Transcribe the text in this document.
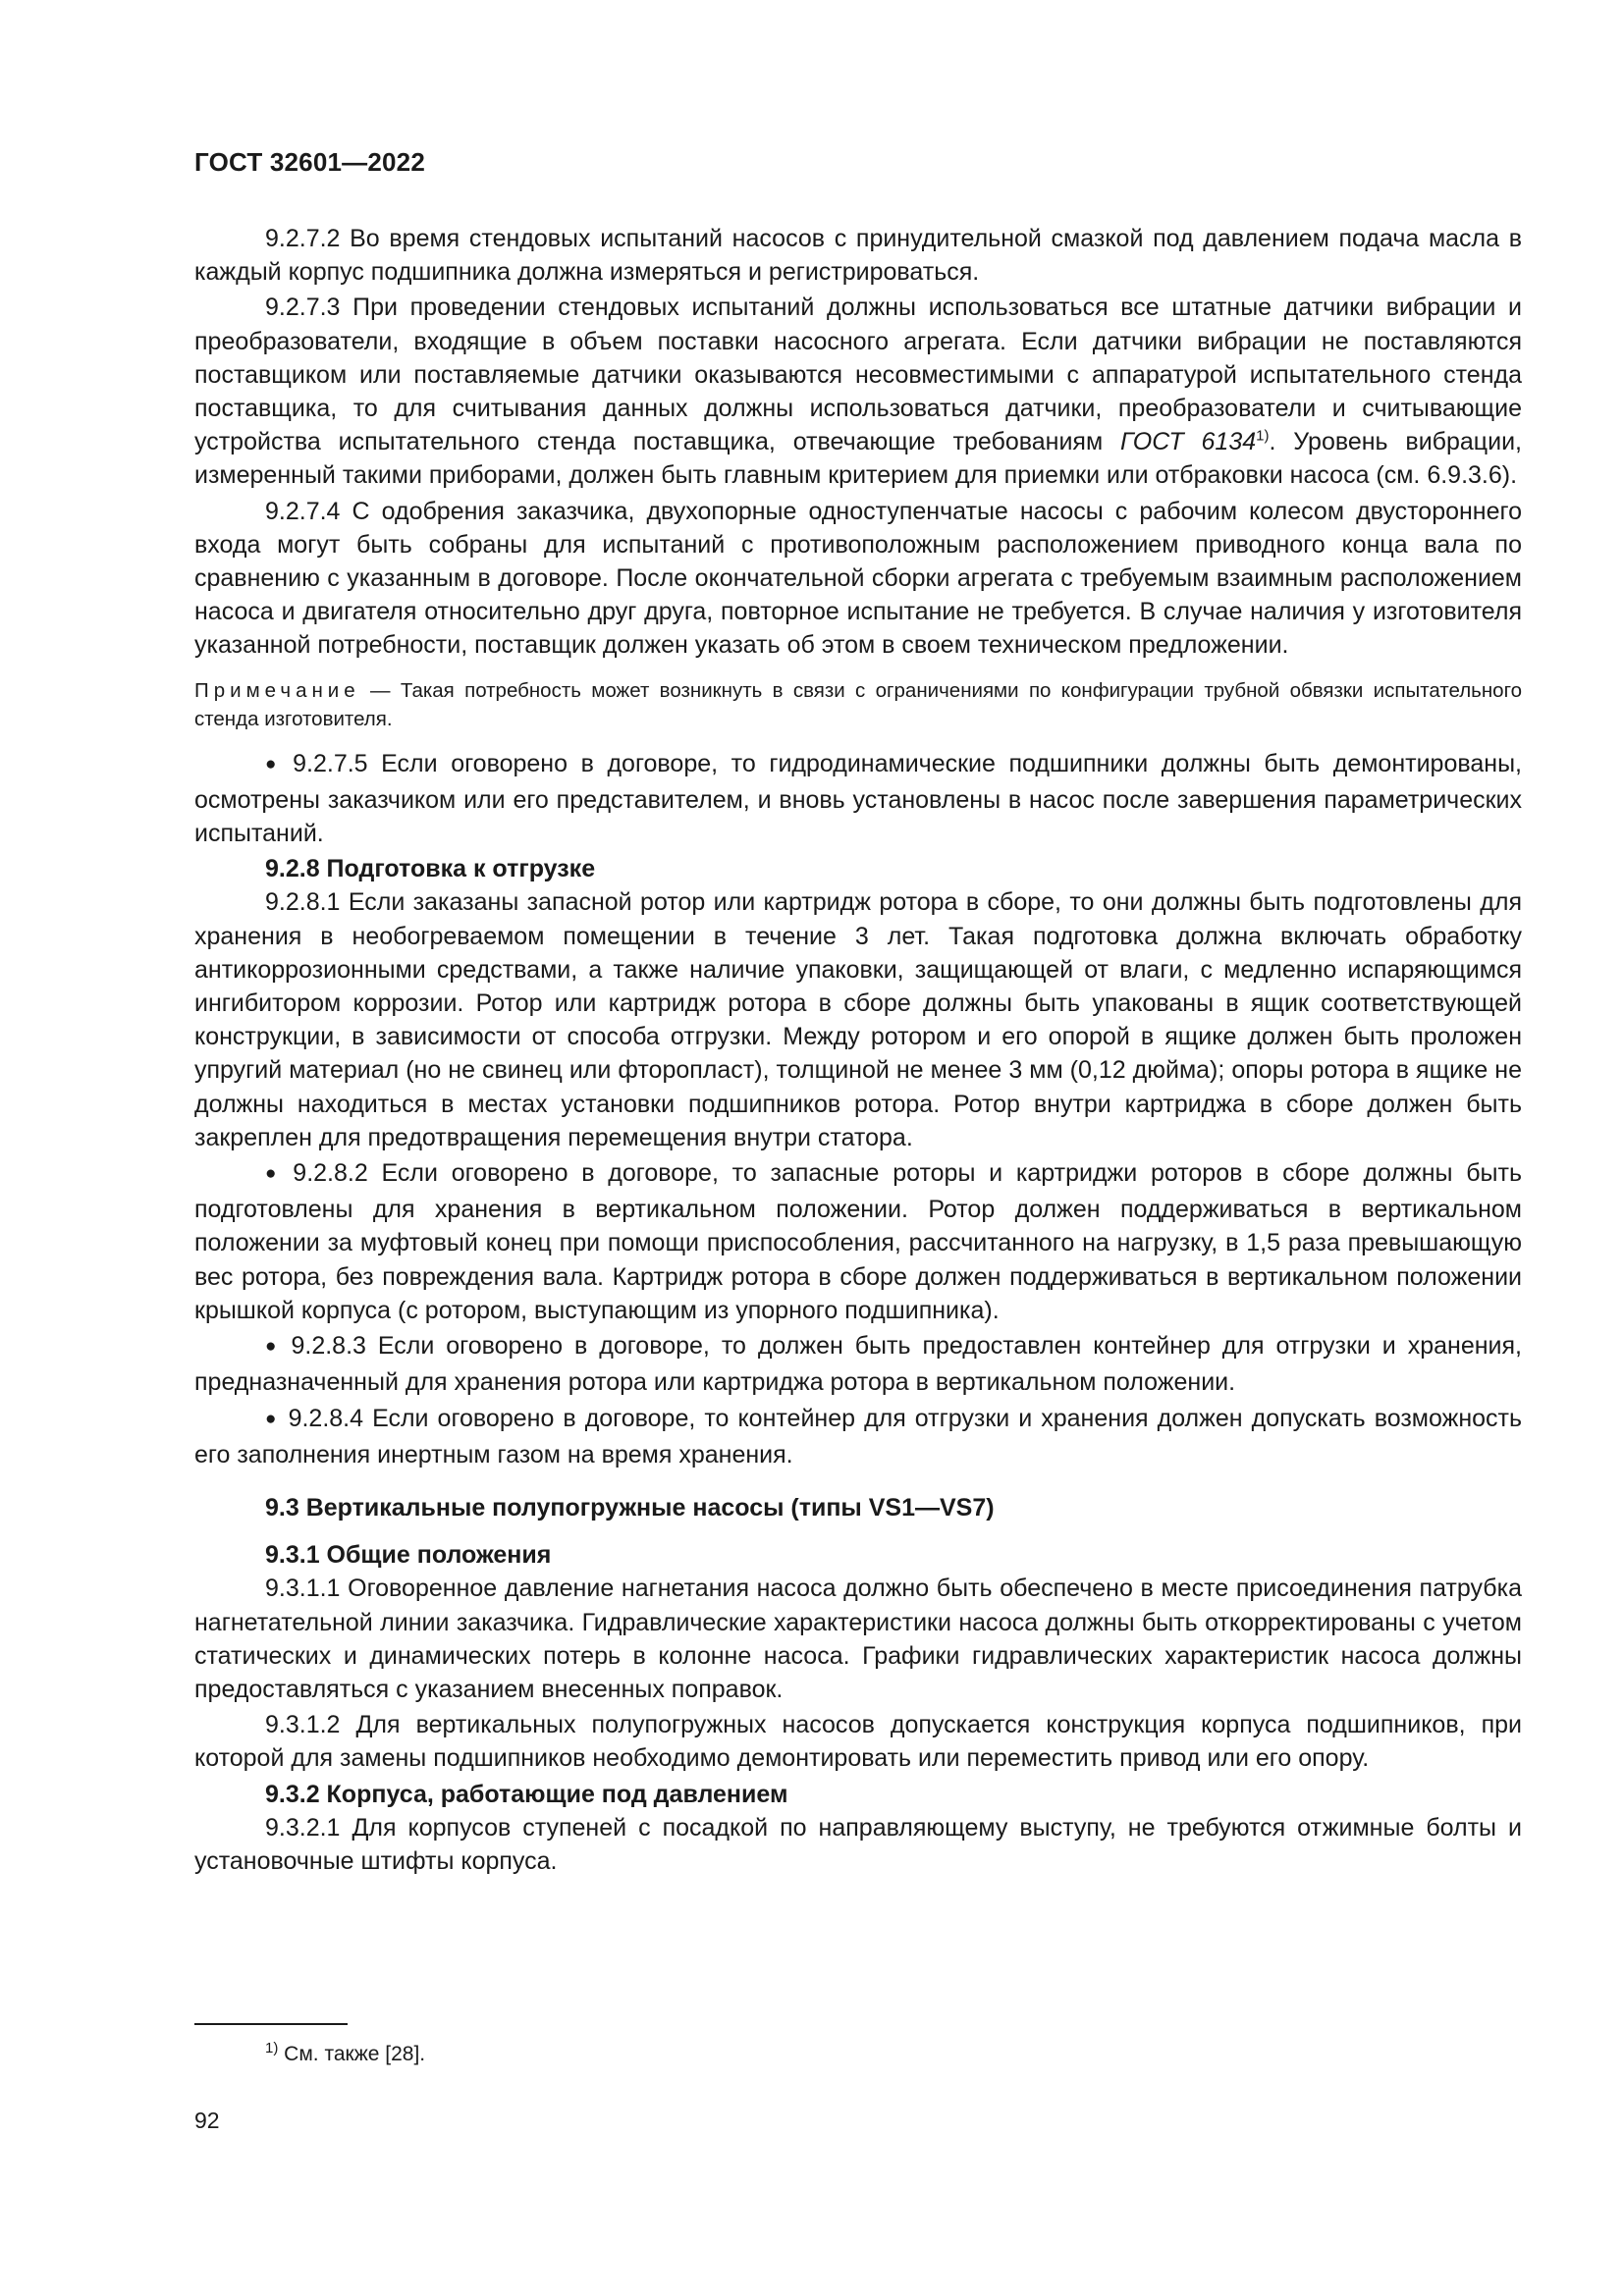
ГОСТ 32601—2022

9.2.7.2 Во время стендовых испытаний насосов с принудительной смазкой под давлением подача масла в каждый корпус подшипника должна измеряться и регистрироваться.

9.2.7.3 При проведении стендовых испытаний должны использоваться все штатные датчики вибрации и преобразователи, входящие в объем поставки насосного агрегата. Если датчики вибрации не поставляются поставщиком или поставляемые датчики оказываются несовместимыми с аппаратурой испытательного стенда поставщика, то для считывания данных должны использоваться датчики, преобразователи и считывающие устройства испытательного стенда поставщика, отвечающие требованиям ГОСТ 6134$^{1)}$. Уровень вибрации, измеренный такими приборами, должен быть главным критерием для приемки или отбраковки насоса (см. 6.9.3.6).

9.2.7.4 С одобрения заказчика, двухопорные одноступенчатые насосы с рабочим колесом двустороннего входа могут быть собраны для испытаний с противоположным расположением приводного конца вала по сравнению с указанным в договоре. После окончательной сборки агрегата с требуемым взаимным расположением насоса и двигателя относительно друг друга, повторное испытание не требуется. В случае наличия у изготовителя указанной потребности, поставщик должен указать об этом в своем техническом предложении.

Примечание — Такая потребность может возникнуть в связи с ограничениями по конфигурации трубной обвязки испытательного стенда изготовителя.

● 9.2.7.5 Если оговорено в договоре, то гидродинамические подшипники должны быть демонтированы, осмотрены заказчиком или его представителем, и вновь установлены в насос после завершения параметрических испытаний.

9.2.8 Подготовка к отгрузке

9.2.8.1 Если заказаны запасной ротор или картридж ротора в сборе, то они должны быть подготовлены для хранения в необогреваемом помещении в течение 3 лет. Такая подготовка должна включать обработку антикоррозионными средствами, а также наличие упаковки, защищающей от влаги, с медленно испаряющимся ингибитором коррозии. Ротор или картридж ротора в сборе должны быть упакованы в ящик соответствующей конструкции, в зависимости от способа отгрузки. Между ротором и его опорой в ящике должен быть проложен упругий материал (но не свинец или фторопласт), толщиной не менее 3 мм (0,12 дюйма); опоры ротора в ящике не должны находиться в местах установки подшипников ротора. Ротор внутри картриджа в сборе должен быть закреплен для предотвращения перемещения внутри статора.

● 9.2.8.2 Если оговорено в договоре, то запасные роторы и картриджи роторов в сборе должны быть подготовлены для хранения в вертикальном положении. Ротор должен поддерживаться в вертикальном положении за муфтовый конец при помощи приспособления, рассчитанного на нагрузку, в 1,5 раза превышающую вес ротора, без повреждения вала. Картридж ротора в сборе должен поддерживаться в вертикальном положении крышкой корпуса (с ротором, выступающим из упорного подшипника).

● 9.2.8.3 Если оговорено в договоре, то должен быть предоставлен контейнер для отгрузки и хранения, предназначенный для хранения ротора или картриджа ротора в вертикальном положении.

● 9.2.8.4 Если оговорено в договоре, то контейнер для отгрузки и хранения должен допускать возможность его заполнения инертным газом на время хранения.

9.3 Вертикальные полупогружные насосы (типы VS1—VS7)

9.3.1 Общие положения

9.3.1.1 Оговоренное давление нагнетания насоса должно быть обеспечено в месте присоединения патрубка нагнетательной линии заказчика. Гидравлические характеристики насоса должны быть откорректированы с учетом статических и динамических потерь в колонне насоса. Графики гидравлических характеристик насоса должны предоставляться с указанием внесенных поправок.

9.3.1.2 Для вертикальных полупогружных насосов допускается конструкция корпуса подшипников, при которой для замены подшипников необходимо демонтировать или переместить привод или его опору.

9.3.2 Корпуса, работающие под давлением

9.3.2.1 Для корпусов ступеней с посадкой по направляющему выступу, не требуются отжимные болты и установочные штифты корпуса.

$^{1)}$ См. также [28].
92
